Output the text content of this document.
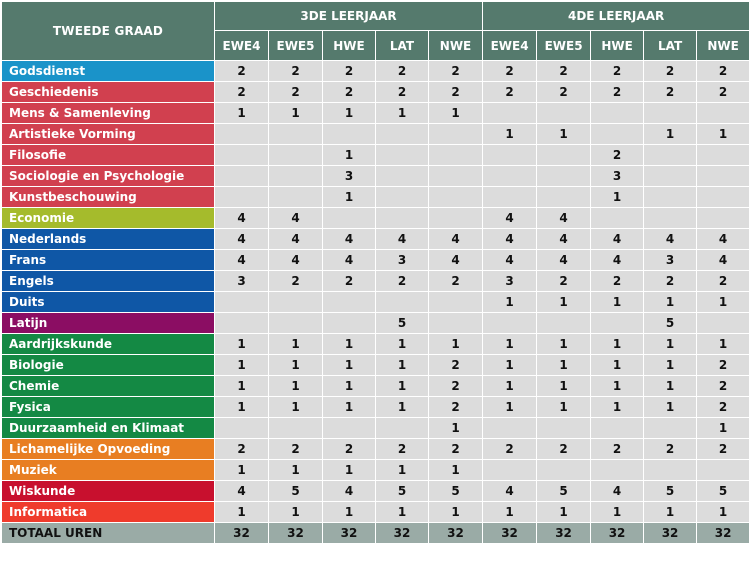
TWEEDE GRAAD	3DE LEERJAAR					4DE LEERJAAR				
	EWE4	EWE5	HWE	LAT	NWE	EWE4	EWE5	HWE	LAT	NWE
Godsdienst	2	2	2	2	2	2	2	2	2	2
Geschiedenis	2	2	2	2	2	2	2	2	2	2
Mens & Samenleving	1	1	1	1	1					
Artistieke Vorming						1	1		1	1
Filosofie			1					2		
Sociologie en Psychologie			3					3		
Kunstbeschouwing			1					1		
Economie	4	4				4	4			
Nederlands	4	4	4	4	4	4	4	4	4	4
Frans	4	4	4	3	4	4	4	4	3	4
Engels	3	2	2	2	2	3	2	2	2	2
Duits						1	1	1	1	1
Latijn				5					5	
Aardrijkskunde	1	1	1	1	1	1	1	1	1	1
Biologie	1	1	1	1	2	1	1	1	1	2
Chemie	1	1	1	1	2	1	1	1	1	2
Fysica	1	1	1	1	2	1	1	1	1	2
Duurzaamheid en Klimaat					1					1
Lichamelijke Opvoeding	2	2	2	2	2	2	2	2	2	2
Muziek	1	1	1	1	1					
Wiskunde	4	5	4	5	5	4	5	4	5	5
Informatica	1	1	1	1	1	1	1	1	1	1
TOTAAL UREN	32	32	32	32	32	32	32	32	32	32
